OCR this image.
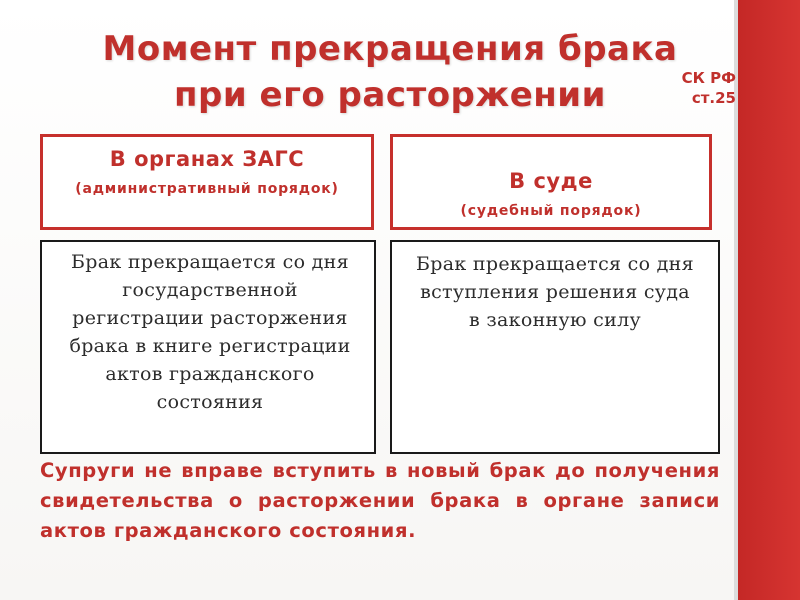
Момент прекращения брака
при его расторжении	СК РФ ст.25
В органах ЗАГС
(административный порядок)	В суде
(судебный порядок)
Брак прекращается со дня государственной регистрации расторжения брака в книге регистрации актов гражданского состояния
Брак прекращается со дня вступления решения суда в законную силу
Супруги не вправе вступить в новый брак до получения свидетельства о расторжении брака в органе записи актов гражданского состояния.
